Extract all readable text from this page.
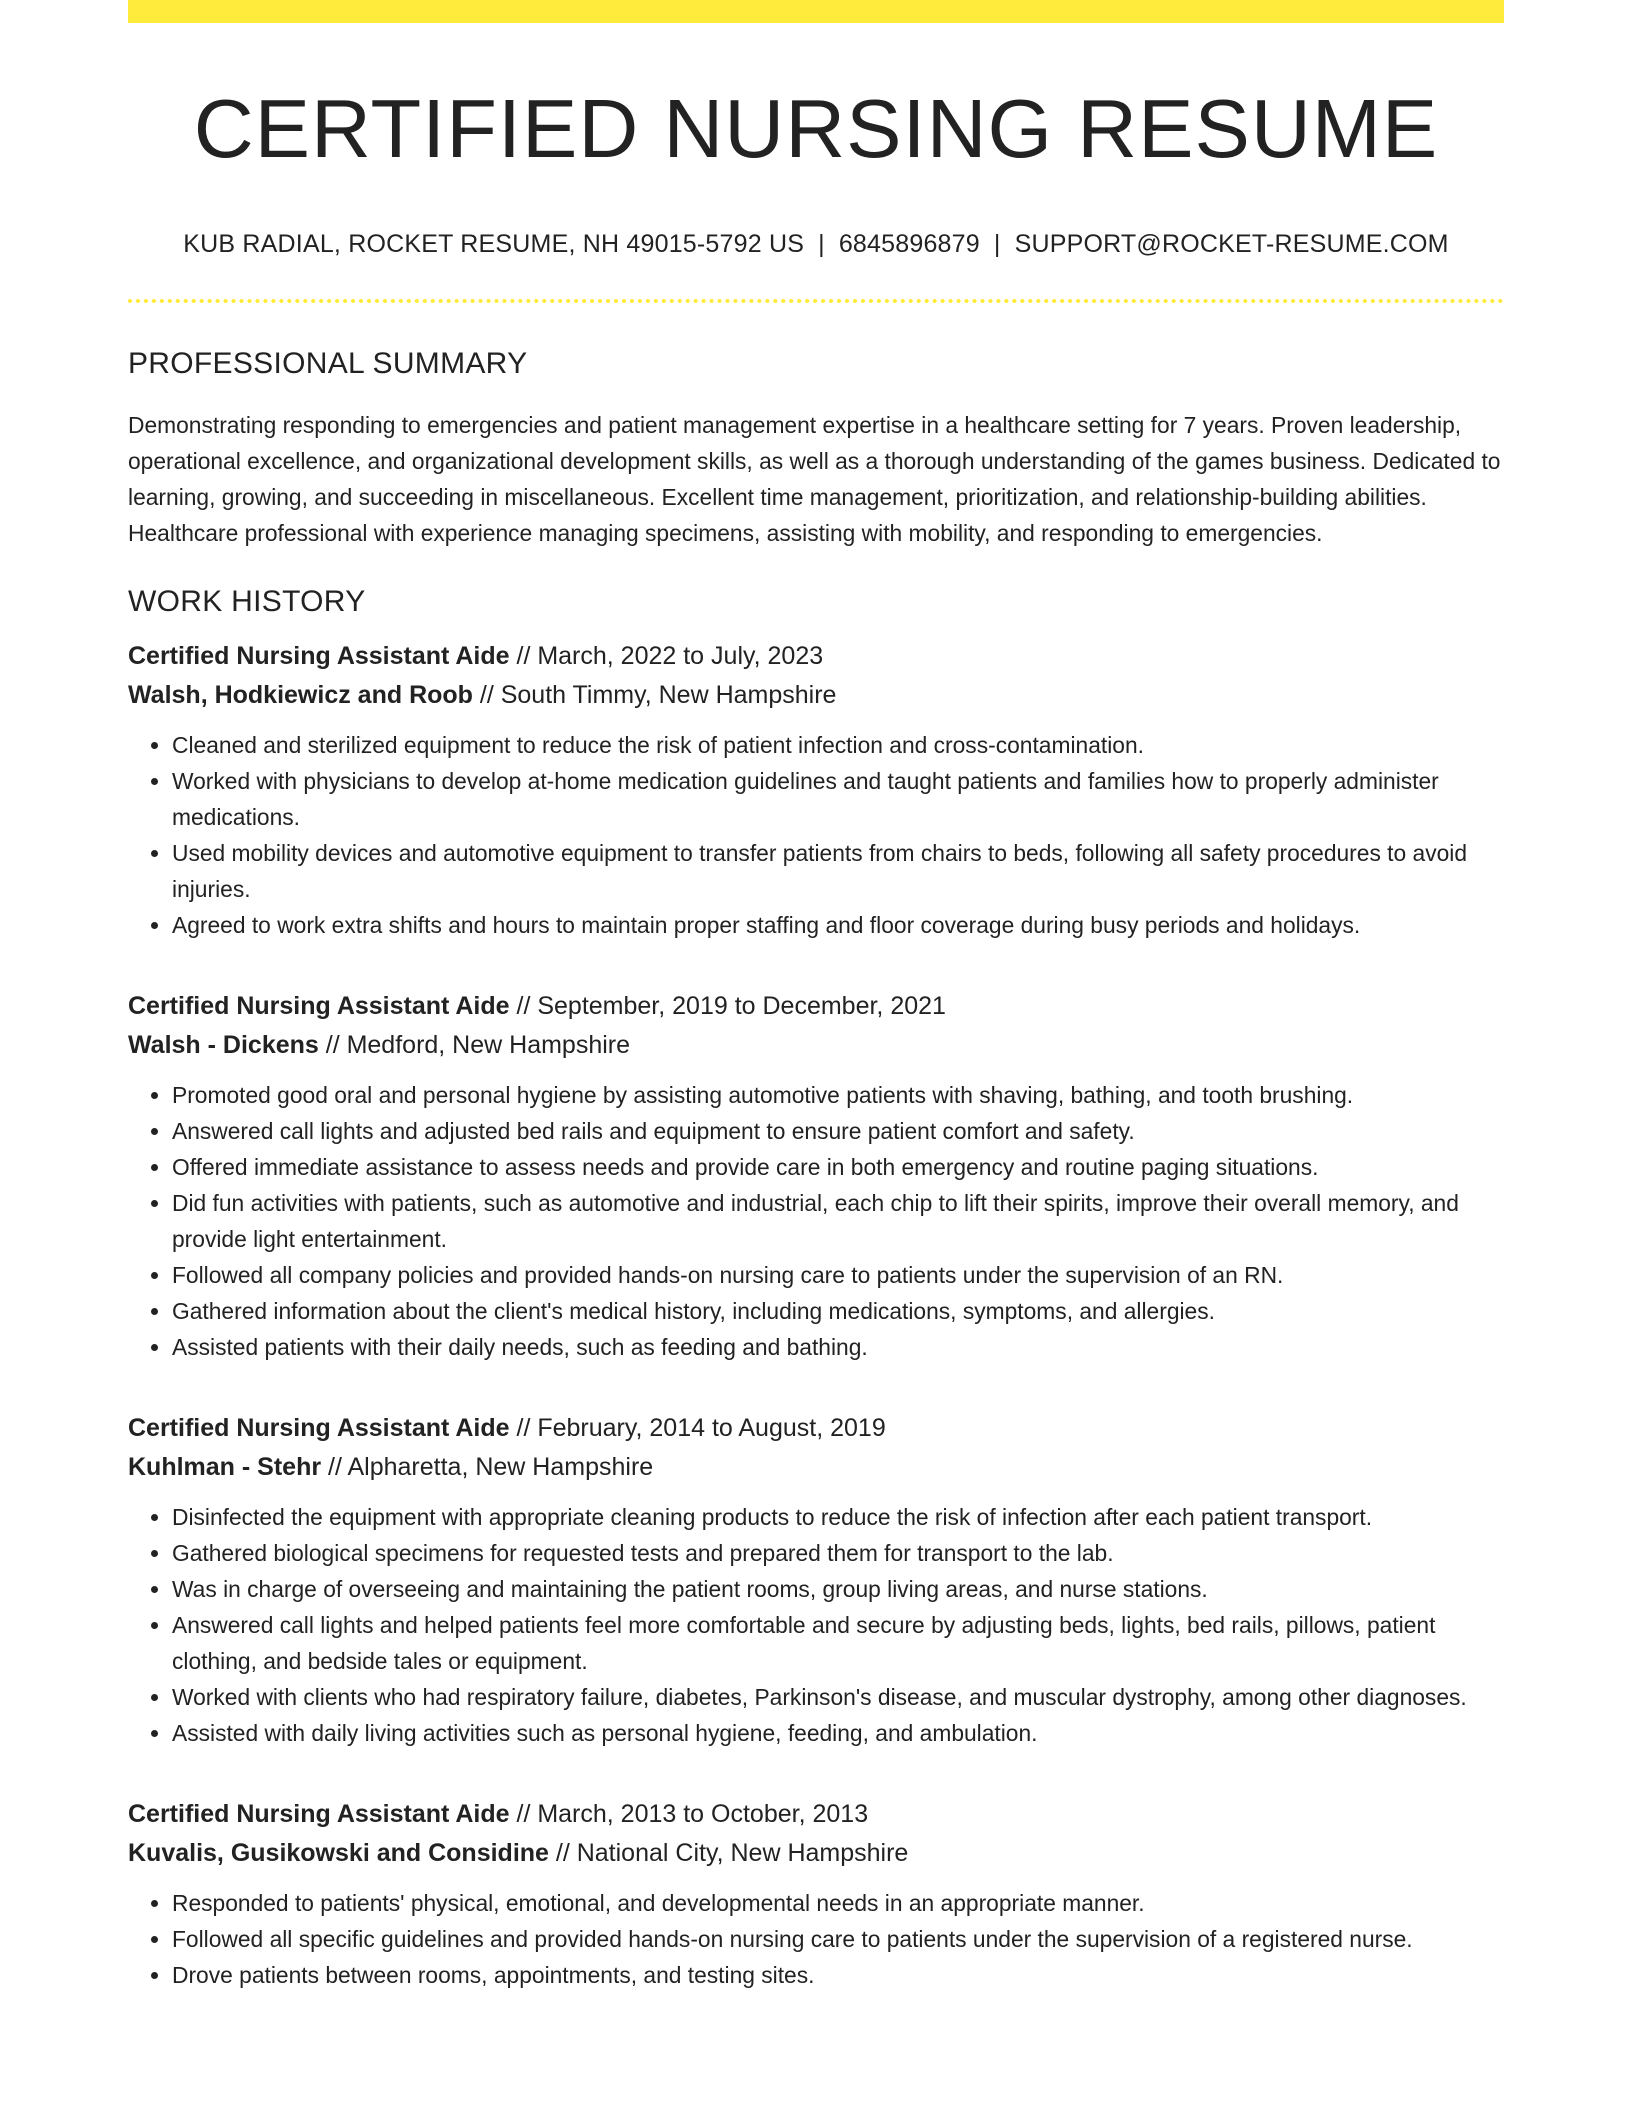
CERTIFIED NURSING RESUME
KUB RADIAL, ROCKET RESUME, NH 49015-5792 US | 6845896879 | SUPPORT@ROCKET-RESUME.COM
PROFESSIONAL SUMMARY

Demonstrating responding to emergencies and patient management expertise in a healthcare setting for 7 years. Proven leadership, operational excellence, and organizational development skills, as well as a thorough understanding of the games business. Dedicated to learning, growing, and succeeding in miscellaneous. Excellent time management, prioritization, and relationship-building abilities. Healthcare professional with experience managing specimens, assisting with mobility, and responding to emergencies.

WORK HISTORY
Certified Nursing Assistant Aide // March, 2022 to July, 2023
Walsh, Hodkiewicz and Roob // South Timmy, New Hampshire
• Cleaned and sterilized equipment to reduce the risk of patient infection and cross-contamination.
• Worked with physicians to develop at-home medication guidelines and taught patients and families how to properly administer medications.
• Used mobility devices and automotive equipment to transfer patients from chairs to beds, following all safety procedures to avoid injuries.
• Agreed to work extra shifts and hours to maintain proper staffing and floor coverage during busy periods and holidays.
Certified Nursing Assistant Aide // September, 2019 to December, 2021
Walsh - Dickens // Medford, New Hampshire
• Promoted good oral and personal hygiene by assisting automotive patients with shaving, bathing, and tooth brushing.
• Answered call lights and adjusted bed rails and equipment to ensure patient comfort and safety.
• Offered immediate assistance to assess needs and provide care in both emergency and routine paging situations.
• Did fun activities with patients, such as automotive and industrial, each chip to lift their spirits, improve their overall memory, and provide light entertainment.
• Followed all company policies and provided hands-on nursing care to patients under the supervision of an RN.
• Gathered information about the client's medical history, including medications, symptoms, and allergies.
• Assisted patients with their daily needs, such as feeding and bathing.
Certified Nursing Assistant Aide // February, 2014 to August, 2019
Kuhlman - Stehr // Alpharetta, New Hampshire
• Disinfected the equipment with appropriate cleaning products to reduce the risk of infection after each patient transport.
• Gathered biological specimens for requested tests and prepared them for transport to the lab.
• Was in charge of overseeing and maintaining the patient rooms, group living areas, and nurse stations.
• Answered call lights and helped patients feel more comfortable and secure by adjusting beds, lights, bed rails, pillows, patient clothing, and bedside tales or equipment.
• Worked with clients who had respiratory failure, diabetes, Parkinson's disease, and muscular dystrophy, among other diagnoses.
• Assisted with daily living activities such as personal hygiene, feeding, and ambulation.
Certified Nursing Assistant Aide // March, 2013 to October, 2013
Kuvalis, Gusikowski and Considine // National City, New Hampshire
• Responded to patients' physical, emotional, and developmental needs in an appropriate manner.
• Followed all specific guidelines and provided hands-on nursing care to patients under the supervision of a registered nurse.
• Drove patients between rooms, appointments, and testing sites.
